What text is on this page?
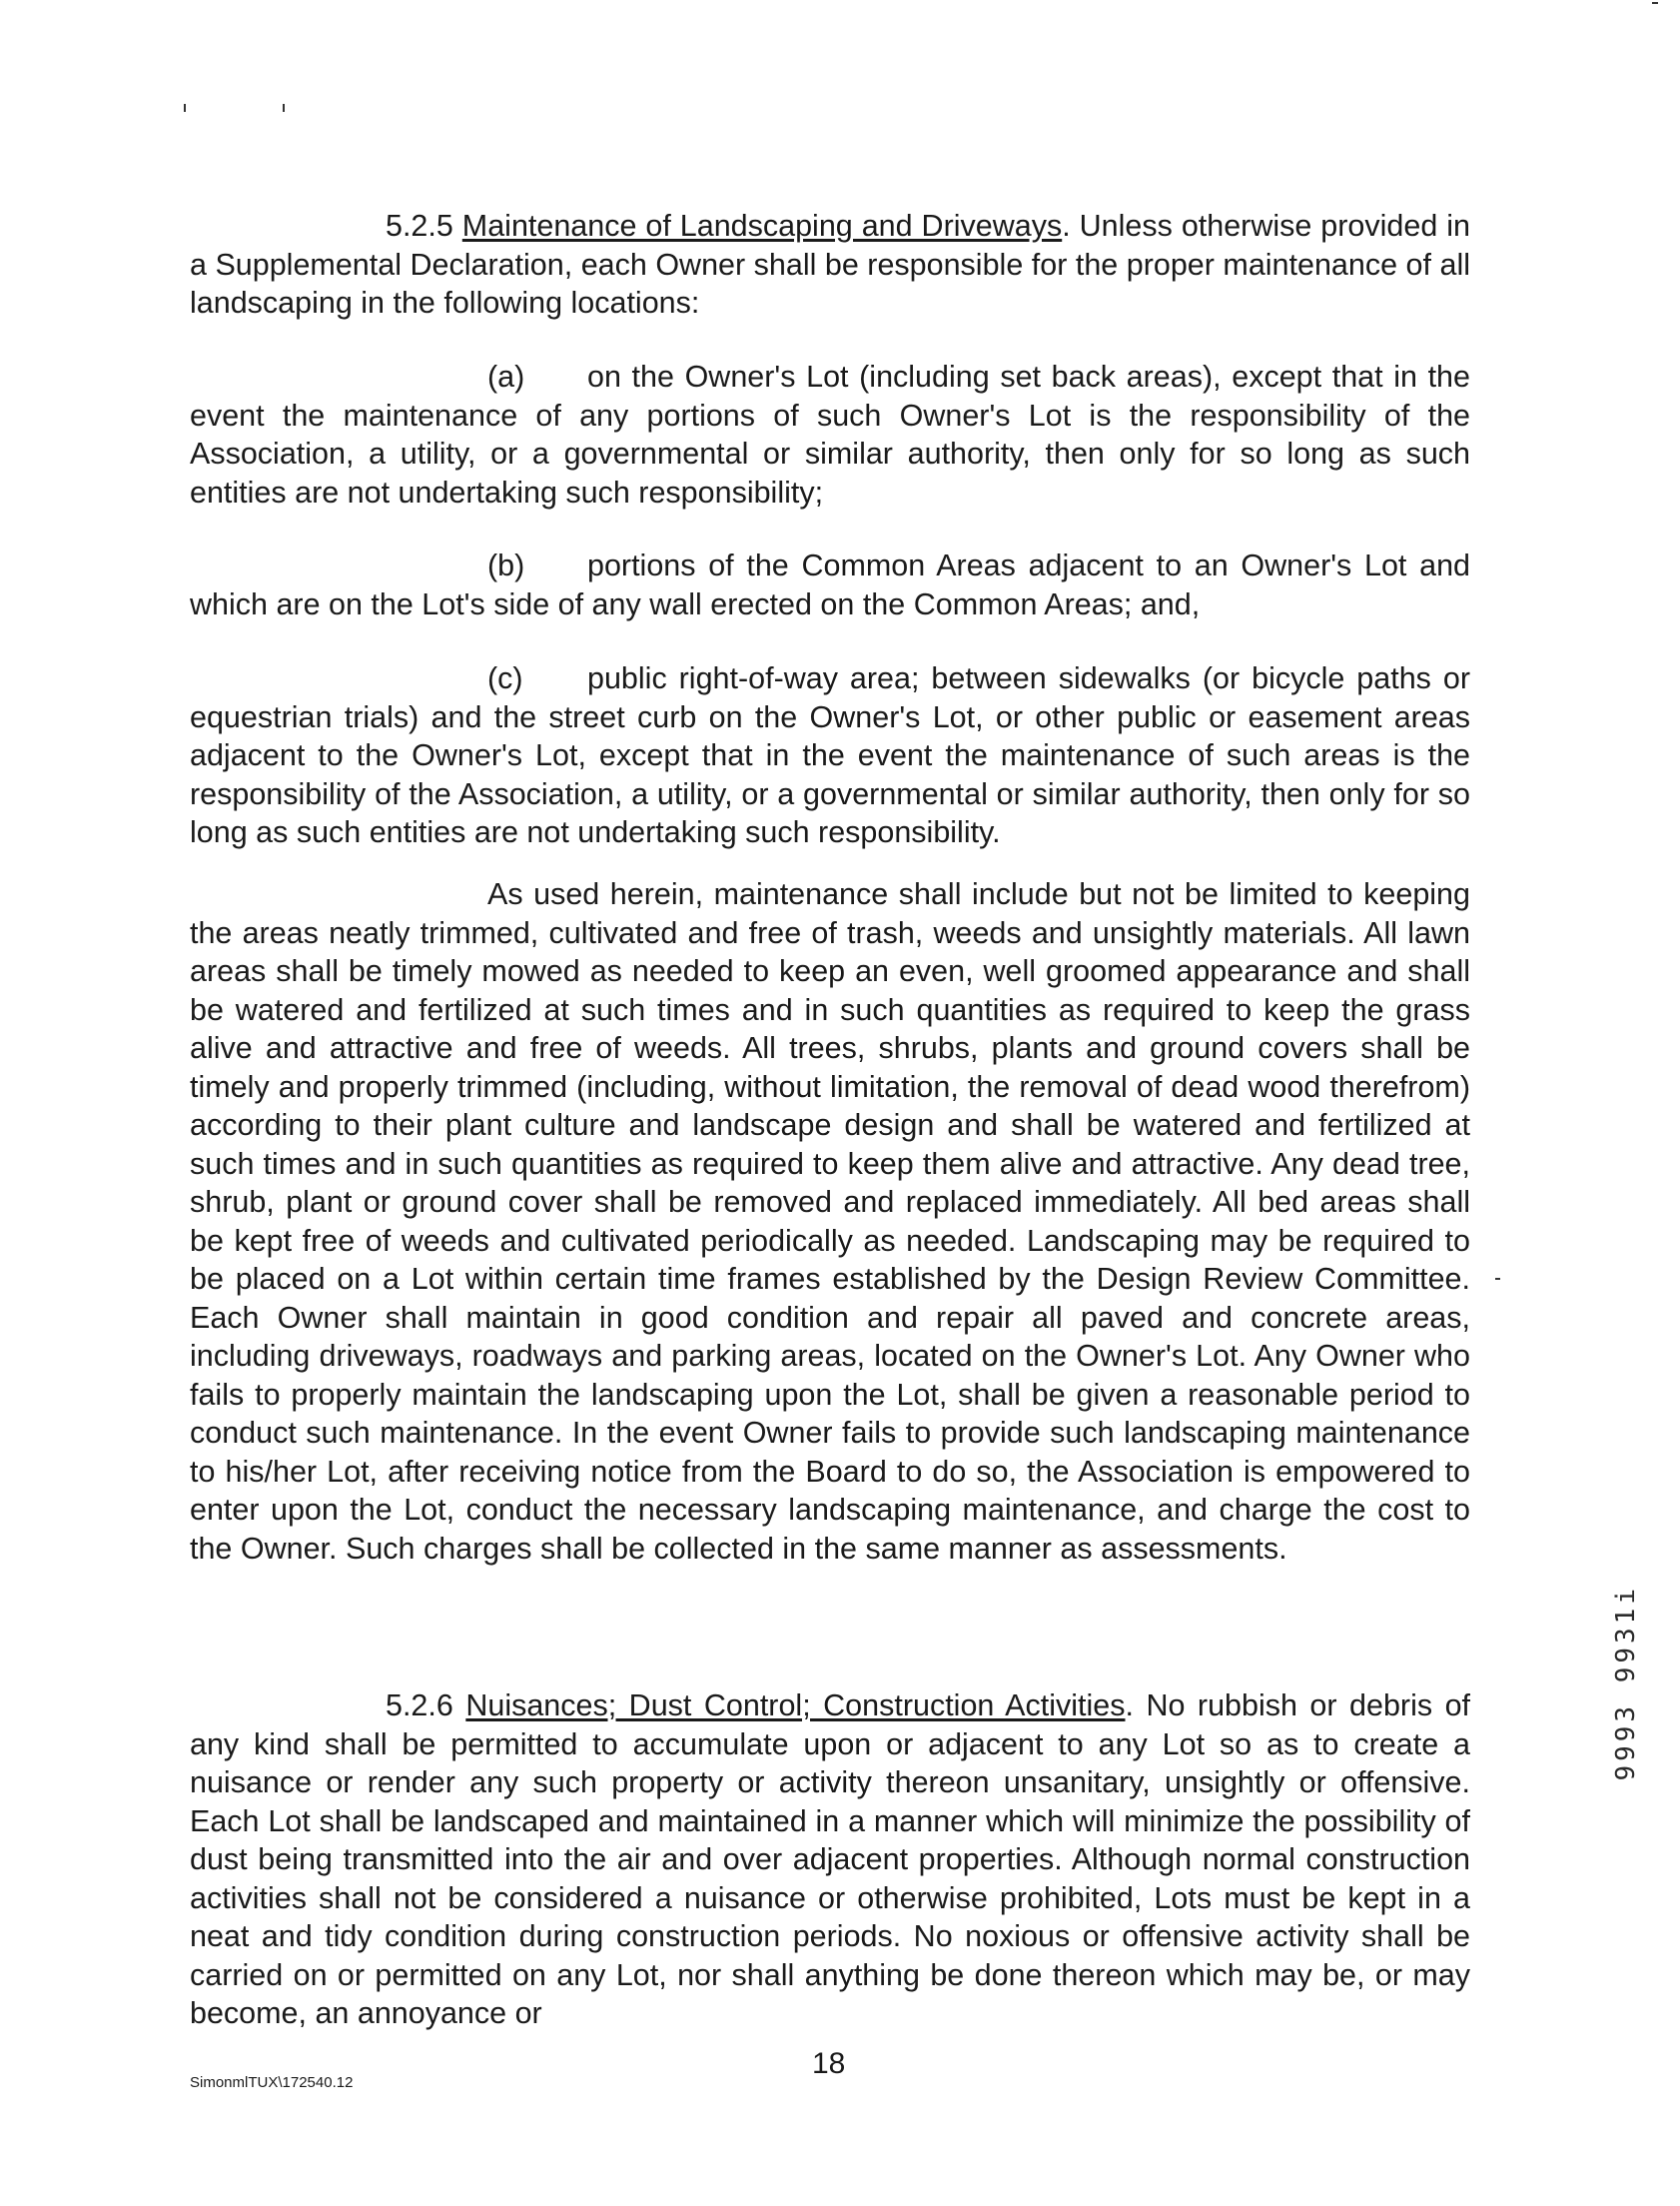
5.2.5 Maintenance of Landscaping and Driveways. Unless otherwise provided in a Supplemental Declaration, each Owner shall be responsible for the proper maintenance of all landscaping in the following locations:

(a) on the Owner's Lot (including set back areas), except that in the event the maintenance of any portions of such Owner's Lot is the responsibility of the Association, a utility, or a governmental or similar authority, then only for so long as such entities are not undertaking such responsibility;

(b) portions of the Common Areas adjacent to an Owner's Lot and which are on the Lot's side of any wall erected on the Common Areas; and,

(c) public right-of-way area; between sidewalks (or bicycle paths or equestrian trials) and the street curb on the Owner's Lot, or other public or easement areas adjacent to the Owner's Lot, except that in the event the maintenance of such areas is the responsibility of the Association, a utility, or a governmental or similar authority, then only for so long as such entities are not undertaking such responsibility.

As used herein, maintenance shall include but not be limited to keeping the areas neatly trimmed, cultivated and free of trash, weeds and unsightly materials. All lawn areas shall be timely mowed as needed to keep an even, well groomed appearance and shall be watered and fertilized at such times and in such quantities as required to keep the grass alive and attractive and free of weeds. All trees, shrubs, plants and ground covers shall be timely and properly trimmed (including, without limitation, the removal of dead wood therefrom) according to their plant culture and landscape design and shall be watered and fertilized at such times and in such quantities as required to keep them alive and attractive. Any dead tree, shrub, plant or ground cover shall be removed and replaced immediately. All bed areas shall be kept free of weeds and cultivated periodically as needed. Landscaping may be required to be placed on a Lot within certain time frames established by the Design Review Committee. Each Owner shall maintain in good condition and repair all paved and concrete areas, including driveways, roadways and parking areas, located on the Owner's Lot. Any Owner who fails to properly maintain the landscaping upon the Lot, shall be given a reasonable period to conduct such maintenance. In the event Owner fails to provide such landscaping maintenance to his/her Lot, after receiving notice from the Board to do so, the Association is empowered to enter upon the Lot, conduct the necessary landscaping maintenance, and charge the cost to the Owner. Such charges shall be collected in the same manner as assessments.

5.2.6 Nuisances; Dust Control; Construction Activities. No rubbish or debris of any kind shall be permitted to accumulate upon or adjacent to any Lot so as to create a nuisance or render any such property or activity thereon unsanitary, unsightly or offensive. Each Lot shall be landscaped and maintained in a manner which will minimize the possibility of dust being transmitted into the air and over adjacent properties. Although normal construction activities shall not be considered a nuisance or otherwise prohibited, Lots must be kept in a neat and tidy condition during construction periods. No noxious or offensive activity shall be carried on or permitted on any Lot, nor shall anything be done thereon which may be, or may become, an annoyance or

9993 9931i
SimonmlTUX\172540.12
18
